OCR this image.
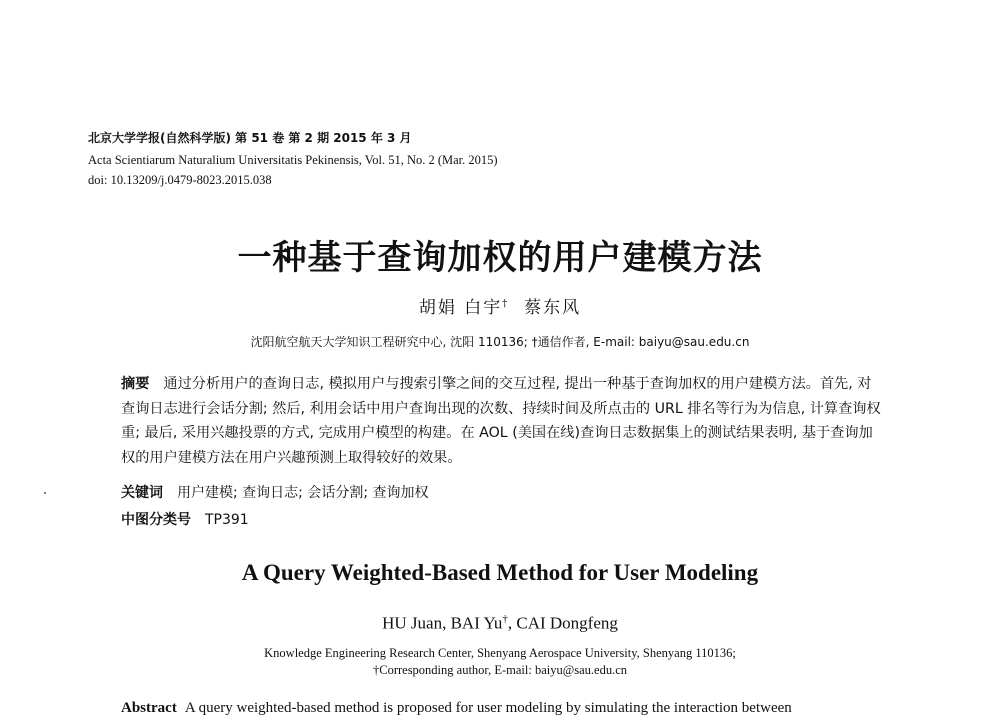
北京大学学报(自然科学版) 第 51 卷 第 2 期 2015 年 3 月
Acta Scientiarum Naturalium Universitatis Pekinensis, Vol. 51, No. 2 (Mar. 2015)
doi: 10.13209/j.0479-8023.2015.038
一种基于查询加权的用户建模方法
胡娟 白宇†  蔡东风
沈阳航空航天大学知识工程研究中心, 沈阳 110136; †通信作者, E-mail: baiyu@sau.edu.cn
摘要 通过分析用户的查询日志, 模拟用户与搜索引擎之间的交互过程, 提出一种基于查询加权的用户建模方法。首先, 对查询日志进行会话分割; 然后, 利用会话中用户查询出现的次数、持续时间及所点击的 URL 排名等行为为信息, 计算查询权重; 最后, 采用兴趣投票的方式, 完成用户模型的构建。在 AOL (美国在线)查询日志数据集上的测试结果表明, 基于查询加权的用户建模方法在用户兴趣预测上取得较好的效果。
关键词 用户建模; 查询日志; 会话分割; 查询加权
中图分类号 TP391
A Query Weighted-Based Method for User Modeling
HU Juan, BAI Yu†, CAI Dongfeng
Knowledge Engineering Research Center, Shenyang Aerospace University, Shenyang 110136;
†Corresponding author, E-mail: baiyu@sau.edu.cn
Abstract A query weighted-based method is proposed for user modeling by simulating the interaction between
